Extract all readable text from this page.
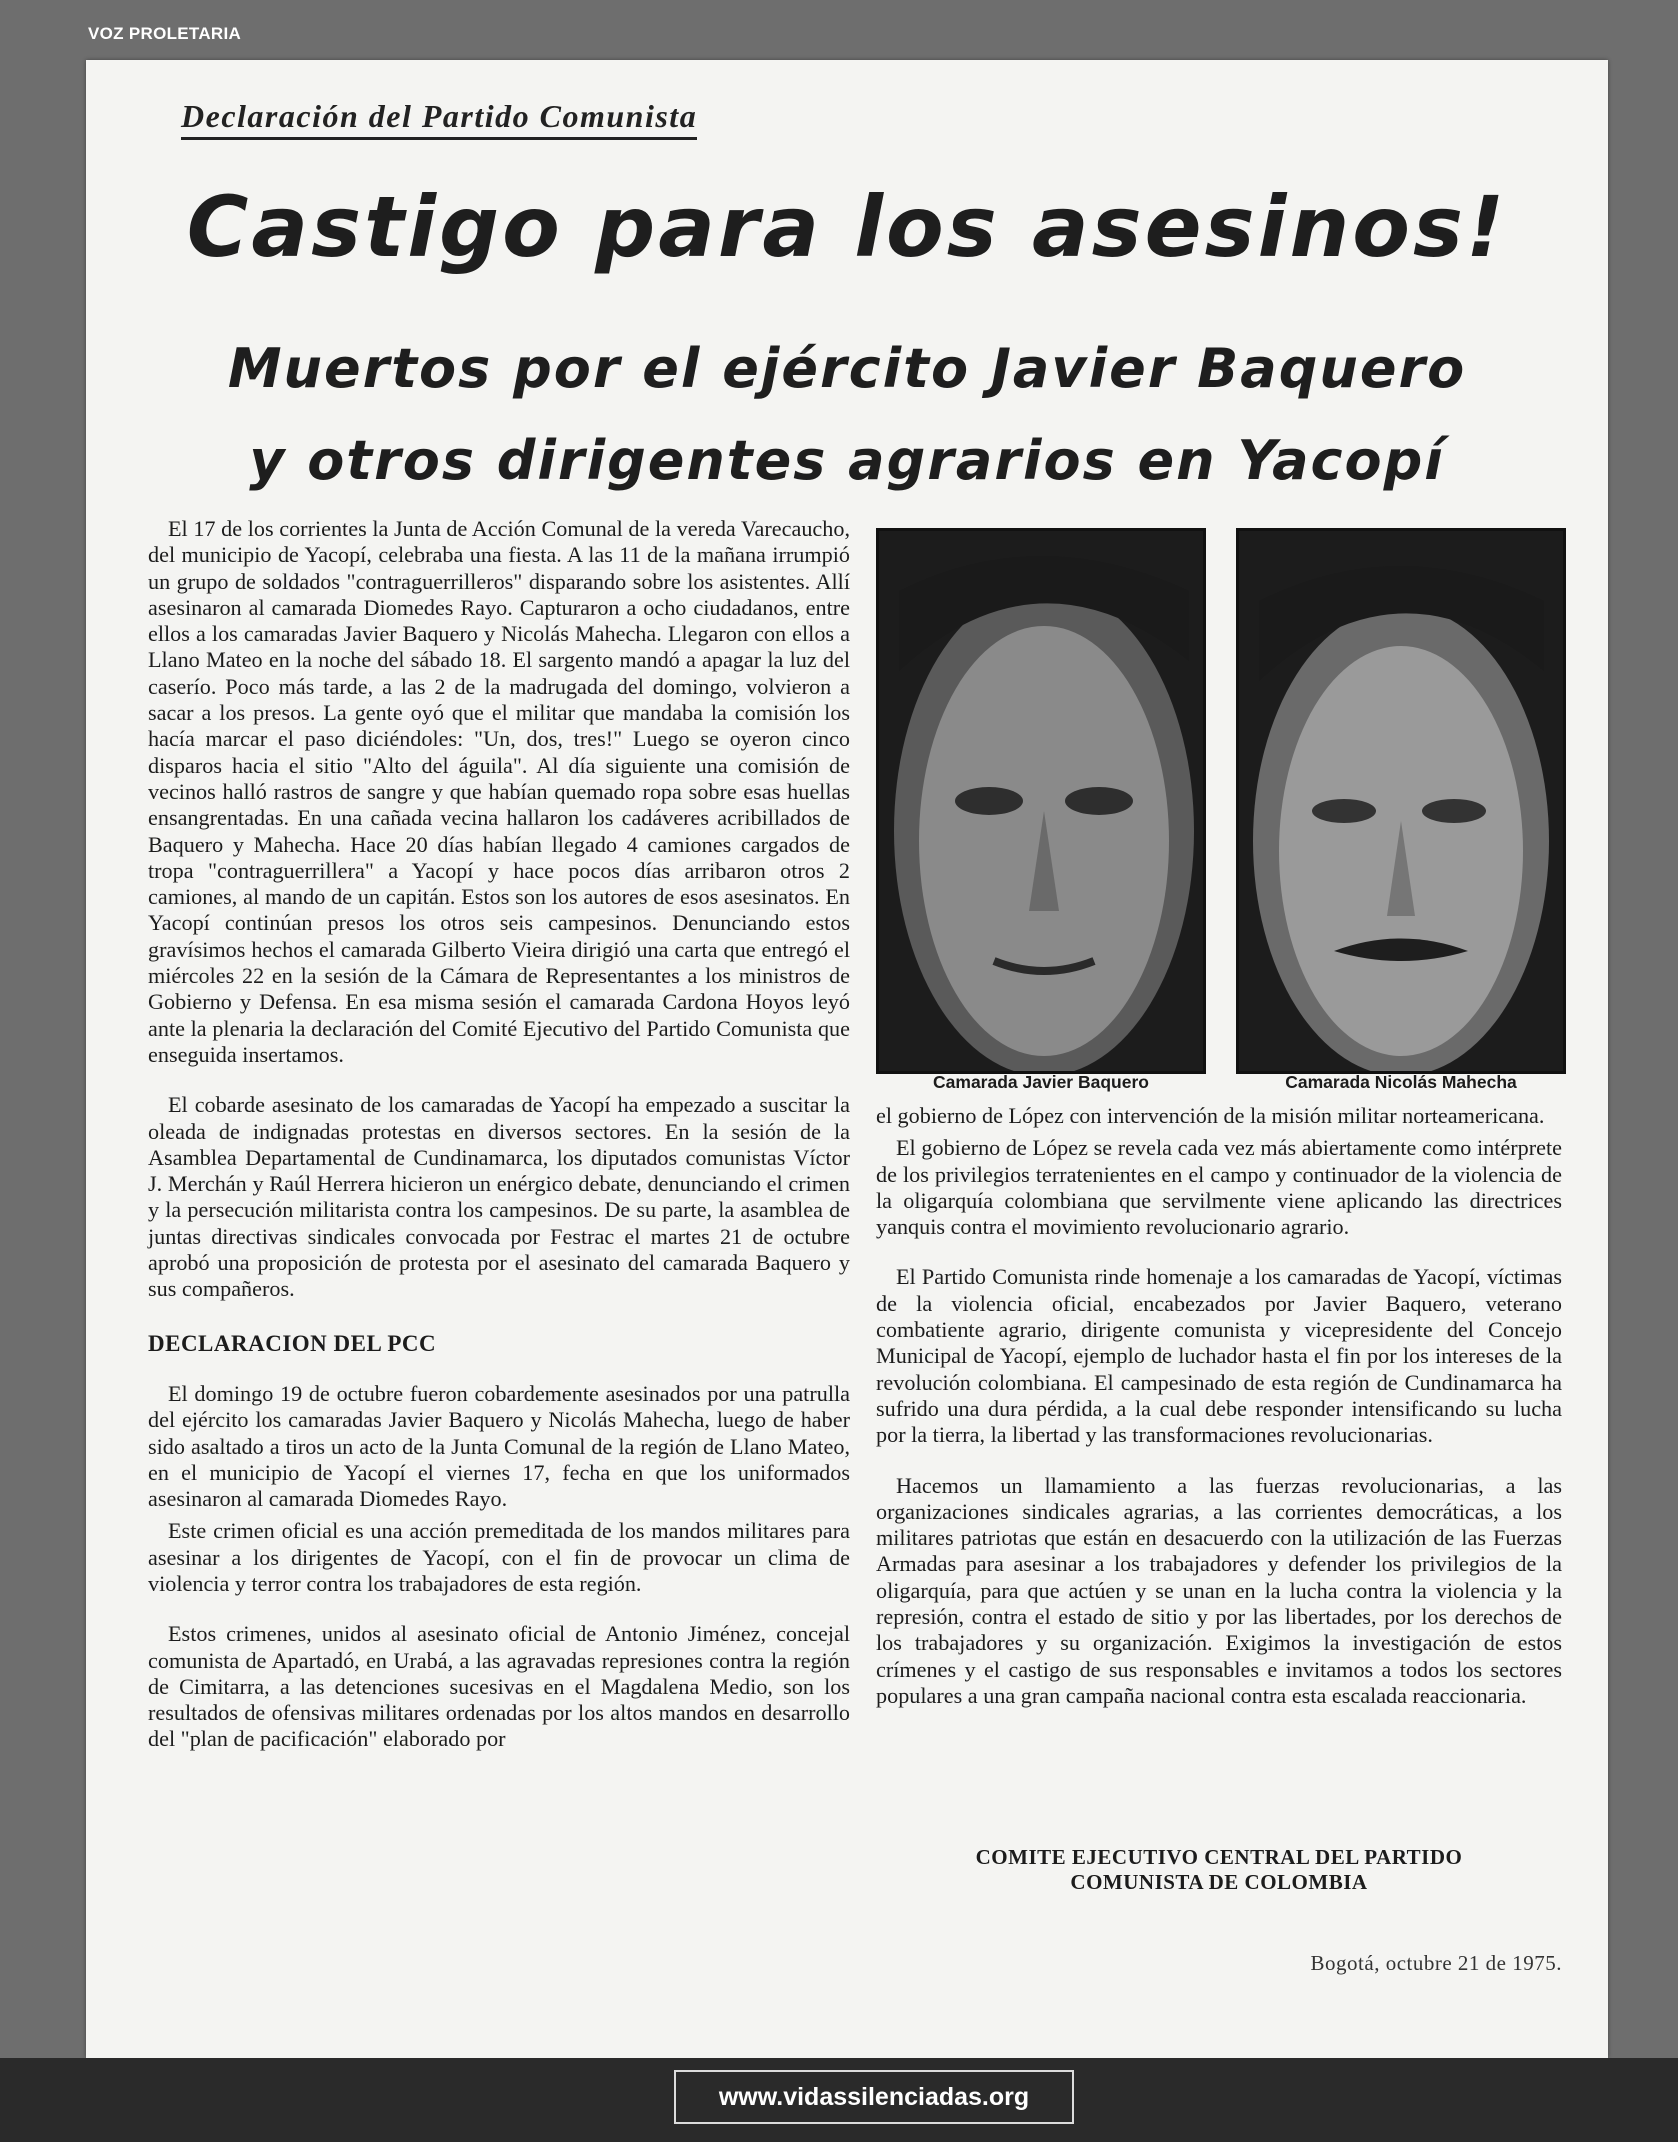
VOZ PROLETARIA
Declaración del Partido Comunista
Castigo para los asesinos!
Muertos por el ejército Javier Baquero
y otros dirigentes agrarios en Yacopí

El 17 de los corrientes la Junta de Acción Comunal de la vereda Varecaucho, del municipio de Yacopí, celebraba una fiesta. A las 11 de la mañana irrumpió un grupo de soldados "contraguerrilleros" disparando sobre los asistentes. Allí asesinaron al camarada Diomedes Rayo. Capturaron a ocho ciudadanos, entre ellos a los camaradas Javier Baquero y Nicolás Mahecha. Llegaron con ellos a Llano Mateo en la noche del sábado 18. El sargento mandó a apagar la luz del caserío. Poco más tarde, a las 2 de la madrugada del domingo, volvieron a sacar a los presos. La gente oyó que el militar que mandaba la comisión los hacía marcar el paso diciéndoles: "Un, dos, tres!" Luego se oyeron cinco disparos hacia el sitio "Alto del águila". Al día siguiente una comisión de vecinos halló rastros de sangre y que habían quemado ropa sobre esas huellas ensangrentadas. En una cañada vecina hallaron los cadáveres acribillados de Baquero y Mahecha. Hace 20 días habían llegado 4 camiones cargados de tropa "contraguerrillera" a Yacopí y hace pocos días arribaron otros 2 camiones, al mando de un capitán. Estos son los autores de esos asesinatos. En Yacopí continúan presos los otros seis campesinos. Denunciando estos gravísimos hechos el camarada Gilberto Vieira dirigió una carta que entregó el miércoles 22 en la sesión de la Cámara de Representantes a los ministros de Gobierno y Defensa. En esa misma sesión el camarada Cardona Hoyos leyó ante la plenaria la declaración del Comité Ejecutivo del Partido Comunista que enseguida insertamos.

El cobarde asesinato de los camaradas de Yacopí ha empezado a suscitar la oleada de indignadas protestas en diversos sectores. En la sesión de la Asamblea Departamental de Cundinamarca, los diputados comunistas Víctor J. Merchán y Raúl Herrera hicieron un enérgico debate, denunciando el crimen y la persecución militarista contra los campesinos. De su parte, la asamblea de juntas directivas sindicales convocada por Festrac el martes 21 de octubre aprobó una proposición de protesta por el asesinato del camarada Baquero y sus compañeros.

DECLARACION DEL PCC

El domingo 19 de octubre fueron cobardemente asesinados por una patrulla del ejército los camaradas Javier Baquero y Nicolás Mahecha, luego de haber sido asaltado a tiros un acto de la Junta Comunal de la región de Llano Mateo, en el municipio de Yacopí el viernes 17, fecha en que los uniformados asesinaron al camarada Diomedes Rayo.

Este crimen oficial es una acción premeditada de los mandos militares para asesinar a los dirigentes de Yacopí, con el fin de provocar un clima de violencia y terror contra los trabajadores de esta región.

Estos crimenes, unidos al asesinato oficial de Antonio Jiménez, concejal comunista de Apartadó, en Urabá, a las agravadas represiones contra la región de Cimitarra, a las detenciones sucesivas en el Magdalena Medio, son los resultados de ofensivas militares ordenadas por los altos mandos en desarrollo del "plan de pacificación" elaborado por

Camarada Javier Baquero	Camarada Nicolás Mahecha

el gobierno de López con intervención de la misión militar norteamericana.

El gobierno de López se revela cada vez más abiertamente como intérprete de los privilegios terratenientes en el campo y continuador de la violencia de la oligarquía colombiana que servilmente viene aplicando las directrices yanquis contra el movimiento revolucionario agrario.

El Partido Comunista rinde homenaje a los camaradas de Yacopí, víctimas de la violencia oficial, encabezados por Javier Baquero, veterano combatiente agrario, dirigente comunista y vicepresidente del Concejo Municipal de Yacopí, ejemplo de luchador hasta el fin por los intereses de la revolución colombiana. El campesinado de esta región de Cundinamarca ha sufrido una dura pérdida, a la cual debe responder intensificando su lucha por la tierra, la libertad y las transformaciones revolucionarias.

Hacemos un llamamiento a las fuerzas revolucionarias, a las organizaciones sindicales agrarias, a las corrientes democráticas, a los militares patriotas que están en desacuerdo con la utilización de las Fuerzas Armadas para asesinar a los trabajadores y defender los privilegios de la oligarquía, para que actúen y se unan en la lucha contra la violencia y la represión, contra el estado de sitio y por las libertades, por los derechos de los trabajadores y su organización. Exigimos la investigación de estos crímenes y el castigo de sus responsables e invitamos a todos los sectores populares a una gran campaña nacional contra esta escalada reaccionaria.

COMITE EJECUTIVO CENTRAL DEL PARTIDO
COMUNISTA DE COLOMBIA
Bogotá, octubre 21 de 1975.
www.vidassilenciadas.org
